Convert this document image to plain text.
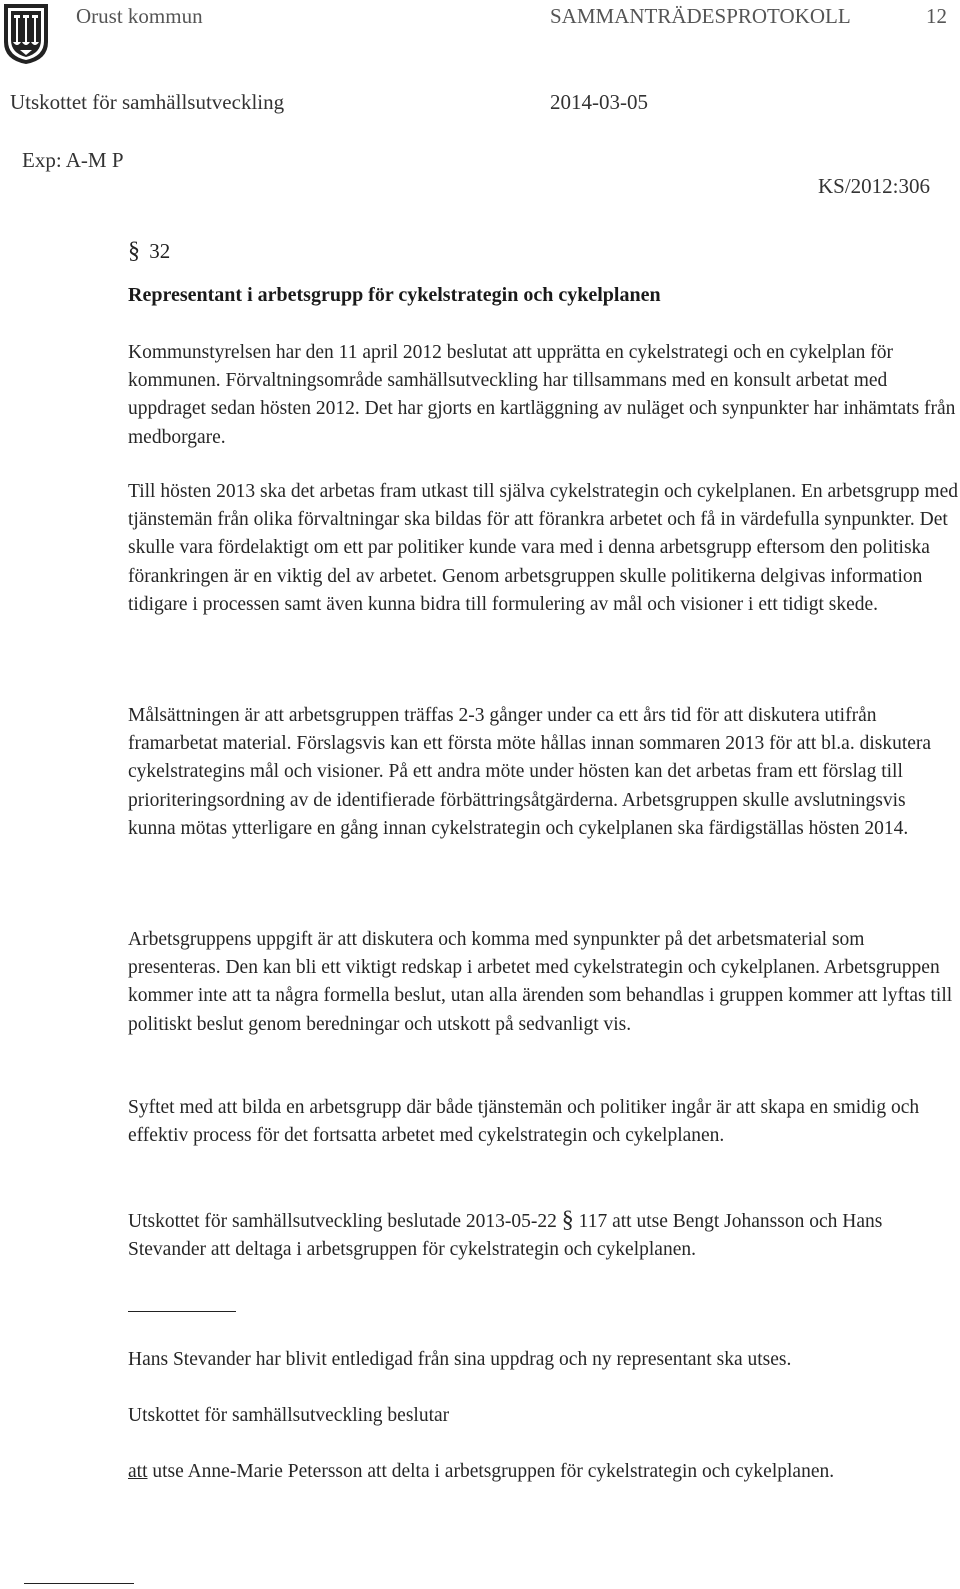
Orust kommun	SAMMANTRÄDESPROTOKOLL	12
Utskottet för samhällsutveckling	2014-03-05
Exp: A-M P
KS/2012:306
§ 32
Representant i arbetsgrupp för cykelstrategin och cykelplanen

Kommunstyrelsen har den 11 april 2012 beslutat att upprätta en cykelstrategi och en cykelplan för kommunen. Förvaltningsområde samhällsutveckling har tillsammans med en konsult arbetat med uppdraget sedan hösten 2012. Det har gjorts en kartläggning av nuläget och synpunkter har inhämtats från medborgare.

Till hösten 2013 ska det arbetas fram utkast till själva cykelstrategin och cykelplanen. En arbetsgrupp med tjänstemän från olika förvaltningar ska bildas för att förankra arbetet och få in värdefulla synpunkter. Det skulle vara fördelaktigt om ett par politiker kunde vara med i denna arbetsgrupp eftersom den politiska förankringen är en viktig del av arbetet. Genom arbetsgruppen skulle politikerna delgivas information tidigare i processen samt även kunna bidra till formulering av mål och visioner i ett tidigt skede.

Målsättningen är att arbetsgruppen träffas 2-3 gånger under ca ett års tid för att diskutera utifrån framarbetat material. Förslagsvis kan ett första möte hållas innan sommaren 2013 för att bl.a. diskutera cykelstrategins mål och visioner. På ett andra möte under hösten kan det arbetas fram ett förslag till prioriteringsordning av de identifierade förbättringsåtgärderna. Arbetsgruppen skulle avslutningsvis kunna mötas ytterligare en gång innan cykelstrategin och cykelplanen ska färdigställas hösten 2014.

Arbetsgruppens uppgift är att diskutera och komma med synpunkter på det arbetsmaterial som presenteras. Den kan bli ett viktigt redskap i arbetet med cykelstrategin och cykelplanen. Arbetsgruppen kommer inte att ta några formella beslut, utan alla ärenden som behandlas i gruppen kommer att lyftas till politiskt beslut genom beredningar och utskott på sedvanligt vis.

Syftet med att bilda en arbetsgrupp där både tjänstemän och politiker ingår är att skapa en smidig och effektiv process för det fortsatta arbetet med cykelstrategin och cykelplanen.

Utskottet för samhällsutveckling beslutade 2013-05-22 § 117 att utse Bengt Johansson och Hans Stevander att deltaga i arbetsgruppen för cykelstrategin och cykelplanen.

Hans Stevander har blivit entledigad från sina uppdrag och ny representant ska utses.

Utskottet för samhällsutveckling beslutar

att utse Anne-Marie Petersson att delta i arbetsgruppen för cykelstrategin och cykelplanen.
